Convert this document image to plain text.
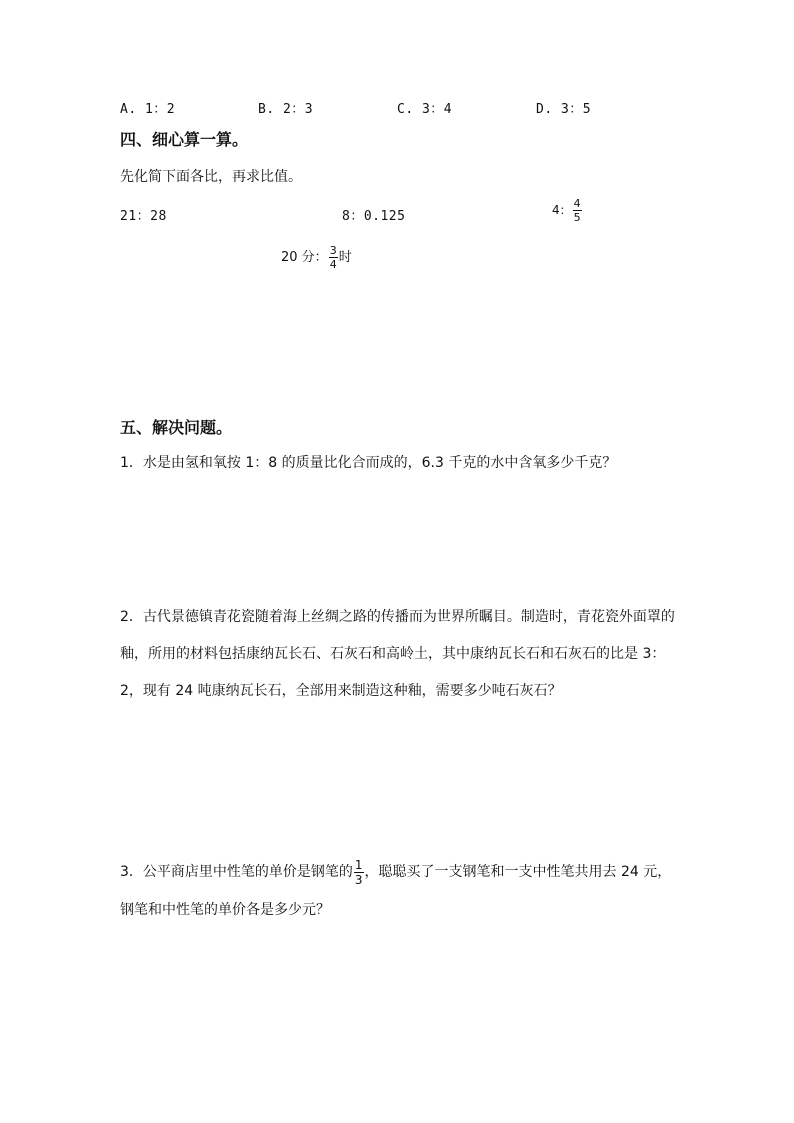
A. 1：2	B. 2：3	C. 3：4	D. 3：5
四、细心算一算。
先化简下面各比，再求比值。
21：28	8：0.125	4： $\frac{4}{5}$
20 分： $\frac{3}{4}$ 时
五、解决问题。
1．水是由氢和氧按 1：8 的质量比化合而成的，6.3 千克的水中含氧多少千克？
2．古代景德镇青花瓷随着海上丝绸之路的传播而为世界所瞩目。制造时，青花瓷外面罩的釉，所用的材料包括康纳瓦长石、石灰石和高岭土，其中康纳瓦长石和石灰石的比是 3：2，现有 24 吨康纳瓦长石，全部用来制造这种釉，需要多少吨石灰石？
3．公平商店里中性笔的单价是钢笔的 $\frac{1}{3}$ ，聪聪买了一支钢笔和一支中性笔共用去 24 元，钢笔和中性笔的单价各是多少元？
